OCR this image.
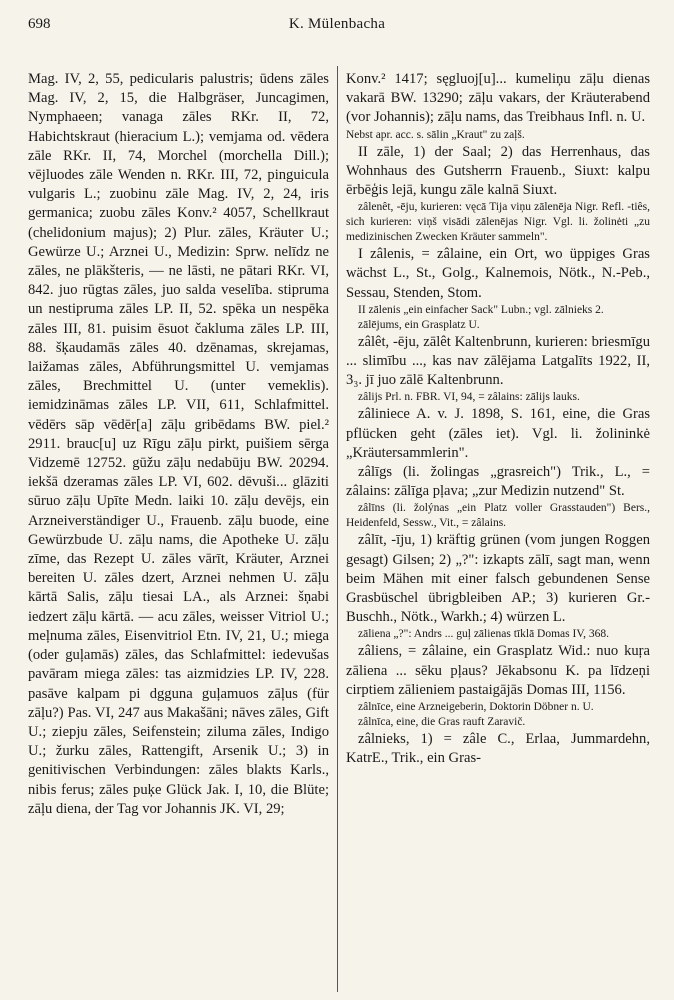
698	K. Mülenbacha

Mag. IV, 2, 55, pedicularis palustris; ūdens zāles Mag. IV, 2, 15, die Halbgräser, Juncagimen, Nymphaeen; vanaga zāles RKr. II, 72, Habichtskraut (hieracium L.); vemjama od. vēdera zāle RKr. II, 74, Morchel (morchella Dill.); vējluodes zāle Wenden n. RKr. III, 72, pinguicula vulgaris L.; zuobinu zāle Mag. IV, 2, 24, iris germanica; zuobu zāles Konv.² 4057, Schellkraut (chelidonium majus); 2) Plur. zāles, Kräuter U.; Gewürze U.; Arznei U., Medizin: Sprw. nelīdz ne zāles, ne plākšteris, — ne lāsti, ne pātari RKr. VI, 842. juo rūgtas zāles, juo salda veselība. stipruma un nestipruma zāles LP. II, 52. spēka un nespēka zāles III, 81. puisim ēsuot čakluma zāles LP. III, 88. šķaudamās zāles 40. dzēnamas, skrejamas, laižamas zāles, Abführungsmittel U. vemjamas zāles, Brechmittel U. (unter vemeklis). iemidzināmas zāles LP. VII, 611, Schlafmittel. vēdērs sāp vēdēr[a] zāļu gribēdams BW. piel.² 2911. brauc[u] uz Rīgu zāļu pirkt, puišiem sērga Vidzemē 12752. gūžu zāļu nedabūju BW. 20294. iekšā dzeramas zāles LP. VI, 602. dēvuši... glāziti sūruo zāļu Upīte Medn. laiki 10. zāļu devējs, ein Arzneiverständiger U., Frauenb. zāļu buode, eine Gewürzbude U. zāļu nams, die Apotheke U. zāļu zīme, das Rezept U. zāles vārīt, Kräuter, Arznei bereiten U. zāles dzert, Arznei nehmen U. zāļu kārtā Salis, zāļu tiesai LA., als Arznei: šņabi iedzert zāļu kārtā. — acu zāles, weisser Vitriol U.; meļnuma zāles, Eisenvitriol Etn. IV, 21, U.; miega (oder guļamās) zāles, das Schlafmittel: iedevušas pavāram miega zāles: tas aizmidzies LP. IV, 228. pasāve kalpam pi dgguna guļamuos zāļus (für zāļu?) Pas. VI, 247 aus Makašāni; nāves zāles, Gift U.; ziepju zāles, Seifenstein; ziluma zāles, Indigo U.; žurku zāles, Rattengift, Arsenik U.; 3) in genitivischen Verbindungen: zāles blakts Karls., nibis ferus; zāles puķe Glück Jak. I, 10, die Blüte; zāļu diena, der Tag vor Johannis JK. VI, 29;

Konv.² 1417; sęgluoj[u]... kumeliņu zāļu dienas vakarā BW. 13290; zāļu vakars, der Kräuterabend (vor Johannis); zāļu nams, das Treibhaus Infl. n. U.

Nebst apr. acc. s. sālin „Kraut" zu zaļš.

II zāle, 1) der Saal; 2) das Herrenhaus, das Wohnhaus des Gutsherrn Frauenb., Siuxt: kalpu ērbēģis lejā, kungu zāle kalnā Siuxt.

zâlenêt, -ēju, kurieren: vęcā Tija viņu zālenēja Nigr. Refl. -tiês, sich kurieren: viņš visādi zālenējas Nigr. Vgl. li. žolinėti „zu medizinischen Zwecken Kräuter sammeln".

I zâlenis, = zâlaine, ein Ort, wo üppiges Gras wächst L., St., Golg., Kalnemois, Nötk., N.-Peb., Sessau, Stenden, Stom.

II zālenis „ein einfacher Sack" Lubn.; vgl. zālnieks 2.

zālējums, ein Grasplatz U.

zâlêt, -ēju, zālêt Kaltenbrunn, kurieren: briesmīgu ... slimību ..., kas nav zālējama Latgalīts 1922, II, 3₃. jī juo zālē Kaltenbrunn.

zâlijs Prl. n. FBR. VI, 94, = zâlains: zālijs lauks.

zâliniece A. v. J. 1898, S. 161, eine, die Gras pflücken geht (zāles iet). Vgl. li. žolininkė „Kräutersammlerin".

zâlīgs (li. žolingas „grasreich") Trik., L., = zâlains: zālīga pļava; „zur Medizin nutzend" St.

zâlīns (li. žolýnas „ein Platz voller Grasstauden") Bers., Heidenfeld, Sessw., Vit., = zâlains.

zâlīt, -īju, 1) kräftig grünen (vom jungen Roggen gesagt) Gilsen; 2) „?": izkapts zālī, sagt man, wenn beim Mähen mit einer falsch gebundenen Sense Grasbüschel übrigbleiben AP.; 3) kurieren Gr.-Buschh., Nötk., Warkh.; 4) würzen L.

zāliena „?": Andrs ... guļ zālienas tīklā Domas IV, 368.

zâliens, = zâlaine, ein Grasplatz Wid.: nuo kuŗa zāliena ... sēku pļaus? Jēkabsonu K. pa līdzeņi cirptiem zālieniem pastaigājās Domas III, 1156.

zâlnīce, eine Arzneigeberin, Doktorin Döbner n. U.

zâlnīca, eine, die Gras rauft Zaravič.

zâlnieks, 1) = zâle C., Erlaa, Jummardehn, KatrE., Trik., ein Gras-
